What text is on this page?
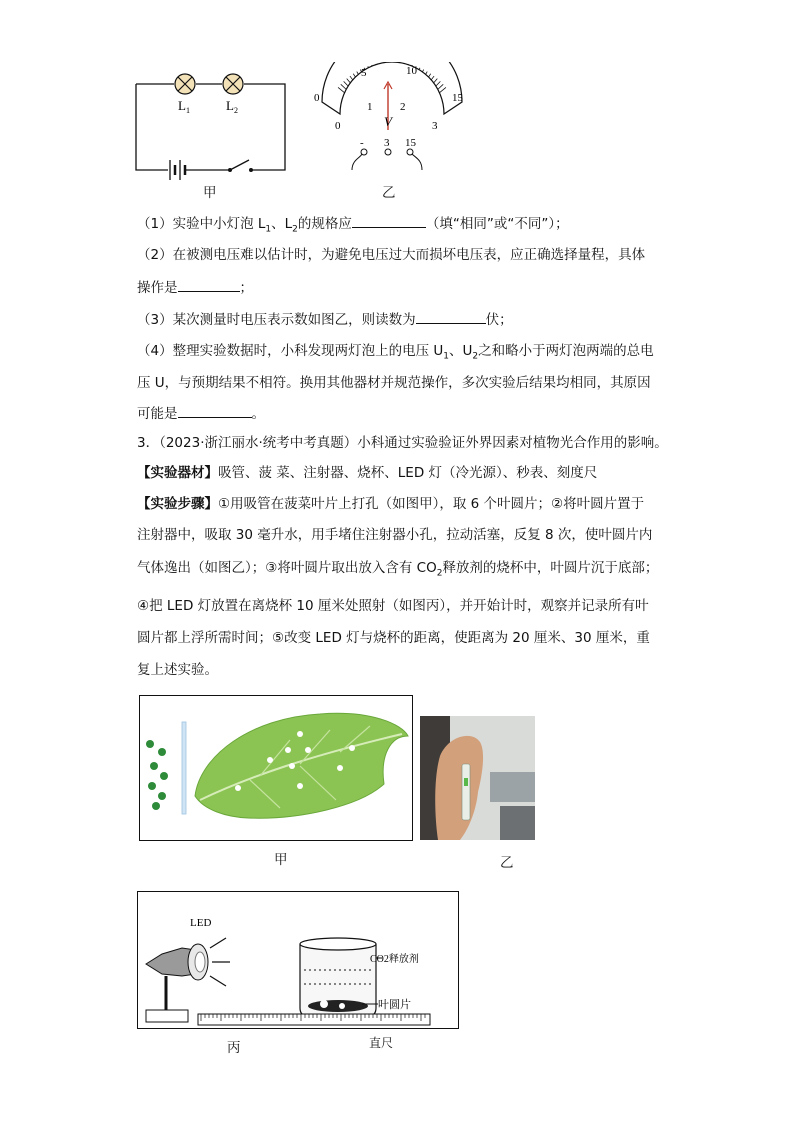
$L_1$	$L_2$
甲
0
5	10
15
0
1	2
3
V
- 3 15
乙
（1）实验中小灯泡 $L_1$、$L_2$的规格应	（填“相同”或“不同”）；
（2）在被测电压难以估计时，为避免电压过大而损坏电压表，应正确选择量程，具体
操作是	；
（3）某次测量时电压表示数如图乙，则读数为	伏；
（4）整理实验数据时，小科发现两灯泡上的电压 $U_1$、$U_2$之和略小于两灯泡两端的总电
压 U，与预期结果不相符。换用其他器材并规范操作，多次实验后结果均相同，其原因
可能是	。
3．（2023·浙江丽水·统考中考真题）小科通过实验验证外界因素对植物光合作用的影响。
【实验器材】吸管、菠 菜、注射器、烧杯、LED 灯（冷光源）、秒表、刻度尺
【实验步骤】①用吸管在菠菜叶片上打孔（如图甲），取 6 个叶圆片；②将叶圆片置于
注射器中，吸取 30 毫升水，用手堵住注射器小孔，拉动活塞，反复 8 次，使叶圆片内
气体逸出（如图乙）；③将叶圆片取出放入含有 $CO_2$释放剂的烧杯中，叶圆片沉于底部；
④把 LED 灯放置在离烧杯 10 厘米处照射（如图丙），并开始计时，观察并记录所有叶
圆片都上浮所需时间；⑤改变 LED 灯与烧杯的距离，使距离为 20 厘米、30 厘米，重
复上述实验。
甲	乙
LED
CO2释放剂
叶圆片
丙	直尺
